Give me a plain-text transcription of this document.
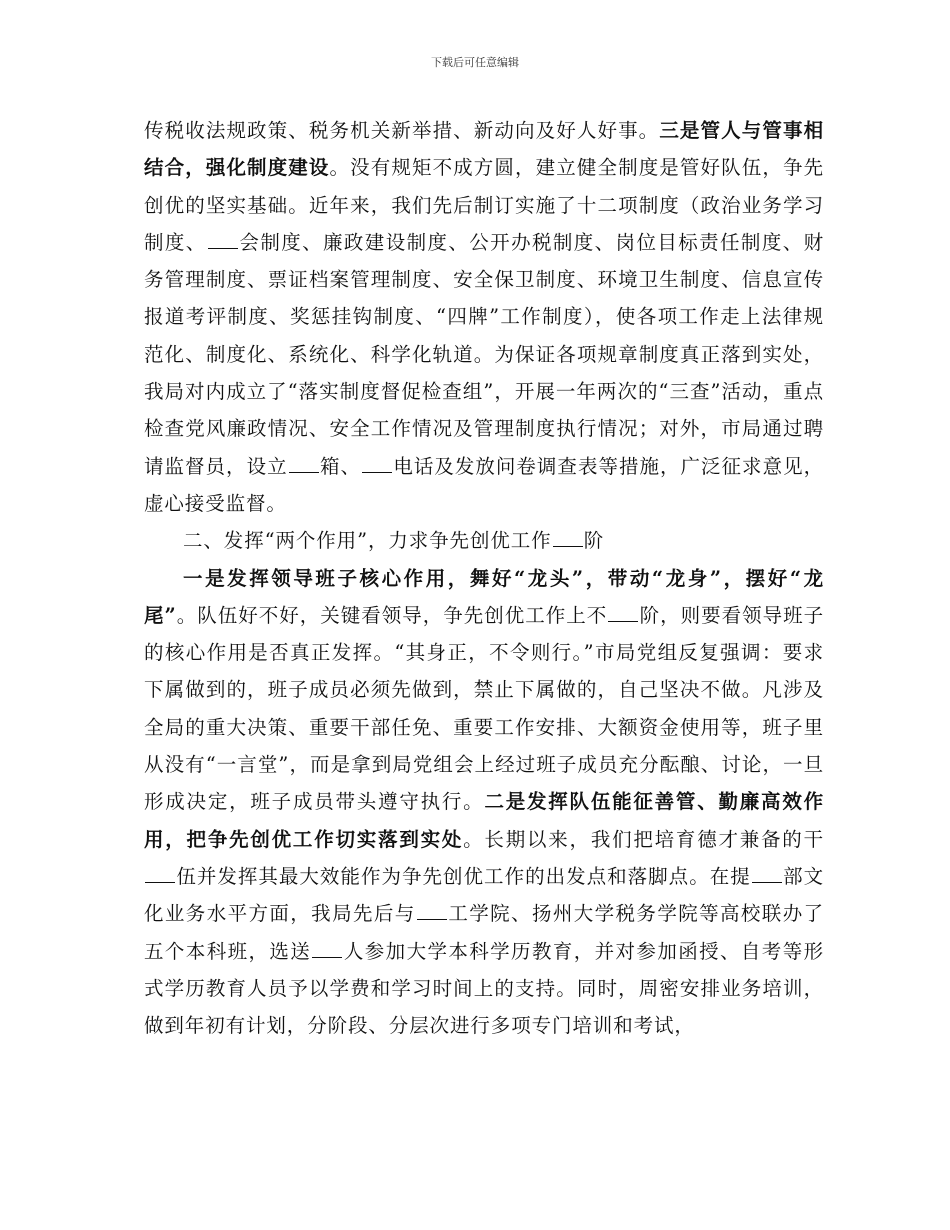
下载后可任意编辑

传税收法规政策、税务机关新举措、新动向及好人好事。三是管人与管事相结合，强化制度建设。没有规矩不成方圆，建立健全制度是管好队伍，争先创优的坚实基础。近年来，我们先后制订实施了十二项制度（政治业务学习制度、 会制度、廉政建设制度、公开办税制度、岗位目标责任制度、财务管理制度、票证档案管理制度、安全保卫制度、环境卫生制度、信息宣传报道考评制度、奖惩挂钩制度、“四牌”工作制度），使各项工作走上法律规范化、制度化、系统化、科学化轨道。为保证各项规章制度真正落到实处，我局对内成立了“落实制度督促检查组”，开展一年两次的“三查”活动，重点检查党风廉政情况、安全工作情况及管理制度执行情况；对外，市局通过聘请监督员，设立 箱、 电话及发放问卷调查表等措施，广泛征求意见，虚心接受监督。

二、发挥“两个作用”，力求争先创优工作 阶

一是发挥领导班子核心作用，舞好“龙头”，带动“龙身”，摆好“龙尾”。队伍好不好，关键看领导，争先创优工作上不 阶，则要看领导班子的核心作用是否真正发挥。“其身正，不令则行。”市局党组反复强调：要求下属做到的，班子成员必须先做到，禁止下属做的，自己坚决不做。凡涉及全局的重大决策、重要干部任免、重要工作安排、大额资金使用等，班子里从没有“一言堂”，而是拿到局党组会上经过班子成员充分酝酿、讨论，一旦形成决定，班子成员带头遵守执行。二是发挥队伍能征善管、勤廉高效作用，把争先创优工作切实落到实处。长期以来，我们把培育德才兼备的干伍并发挥其最大效能作为争先创优工作的出发点和落脚点。在提 部文化业务水平方面，我局先后与 工学院、扬州大学税务学院等高校联办了五个本科班，选送 人参加大学本科学历教育，并对参加函授、自考等形式学历教育人员予以学费和学习时间上的支持。同时，周密安排业务培训，做到年初有计划，分阶段、分层次进行多项专门培训和考试，
